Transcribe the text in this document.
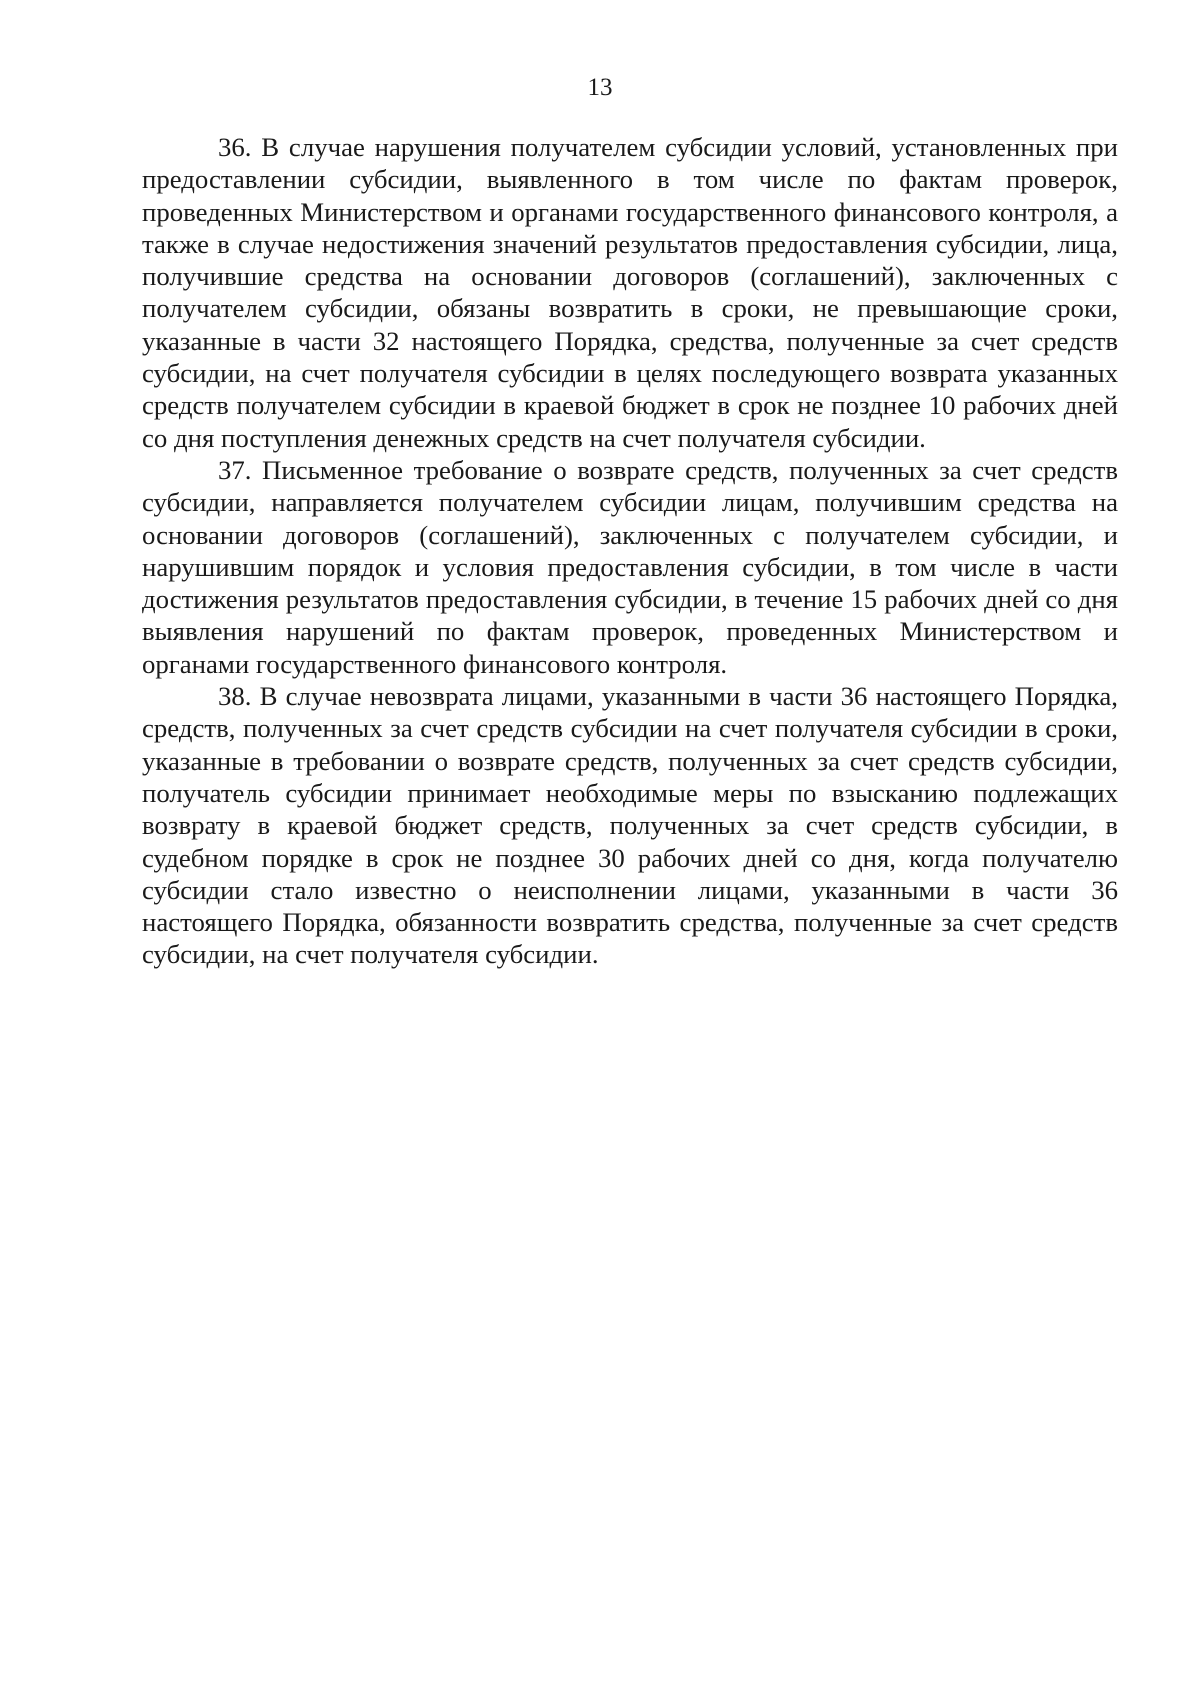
13

36. В случае нарушения получателем субсидии условий, установленных при предоставлении субсидии, выявленного в том числе по фактам проверок, проведенных Министерством и органами государственного финансового контроля, а также в случае недостижения значений результатов предоставления субсидии, лица, получившие средства на основании договоров (соглашений), заключенных с получателем субсидии, обязаны возвратить в сроки, не превышающие сроки, указанные в части 32 настоящего Порядка, средства, полученные за счет средств субсидии, на счет получателя субсидии в целях последующего возврата указанных средств получателем субсидии в краевой бюджет в срок не позднее 10 рабочих дней со дня поступления денежных средств на счет получателя субсидии.

37. Письменное требование о возврате средств, полученных за счет средств субсидии, направляется получателем субсидии лицам, получившим средства на основании договоров (соглашений), заключенных с получателем субсидии, и нарушившим порядок и условия предоставления субсидии, в том числе в части достижения результатов предоставления субсидии, в течение 15 рабочих дней со дня выявления нарушений по фактам проверок, проведенных Министерством и органами государственного финансового контроля.

38. В случае невозврата лицами, указанными в части 36 настоящего Порядка, средств, полученных за счет средств субсидии на счет получателя субсидии в сроки, указанные в требовании о возврате средств, полученных за счет средств субсидии, получатель субсидии принимает необходимые меры по взысканию подлежащих возврату в краевой бюджет средств, полученных за счет средств субсидии, в судебном порядке в срок не позднее 30 рабочих дней со дня, когда получателю субсидии стало известно о неисполнении лицами, указанными в части 36 настоящего Порядка, обязанности возвратить средства, полученные за счет средств субсидии, на счет получателя субсидии.
